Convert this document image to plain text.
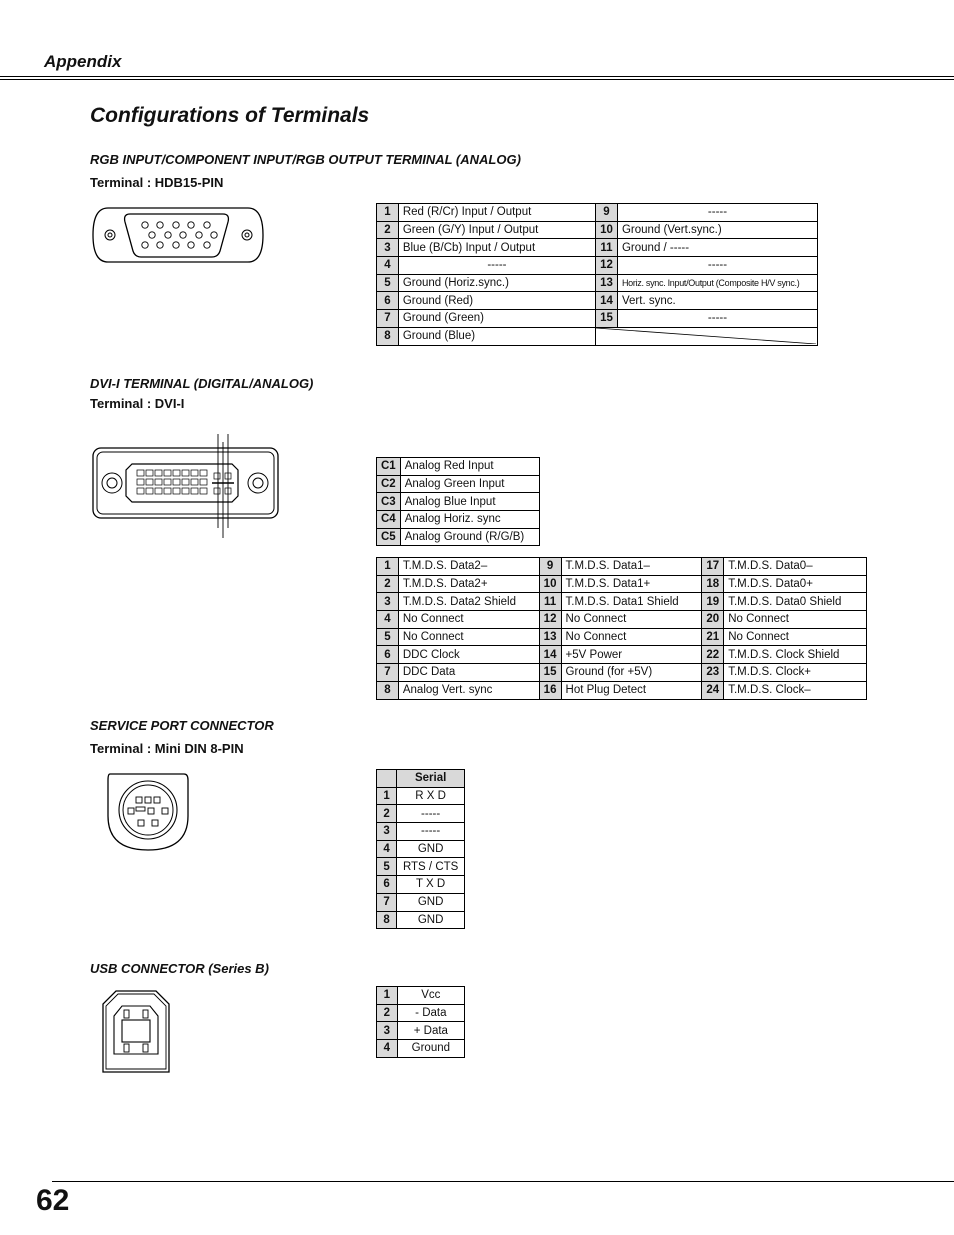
Appendix
Configurations of Terminals
RGB INPUT/COMPONENT INPUT/RGB OUTPUT TERMINAL (ANALOG)
Terminal : HDB15-PIN
1	Red (R/Cr) Input / Output	9	-----
2	Green (G/Y) Input / Output	10	Ground (Vert.sync.)
3	Blue (B/Cb) Input / Output	11	Ground / -----
4	-----	12	-----
5	Ground (Horiz.sync.)	13	Horiz. sync. Input/Output (Composite H/V sync.)
6	Ground (Red)	14	Vert. sync.
7	Ground (Green)	15	-----
8	Ground (Blue)	
DVI-I TERMINAL (DIGITAL/ANALOG)
Terminal : DVI-I
C1	Analog Red Input
C2	Analog Green Input
C3	Analog Blue Input
C4	Analog Horiz. sync
C5	Analog Ground (R/G/B)
1	T.M.D.S. Data2–	9	T.M.D.S. Data1–	17	T.M.D.S. Data0–
2	T.M.D.S. Data2+	10	T.M.D.S. Data1+	18	T.M.D.S. Data0+
3	T.M.D.S. Data2 Shield	11	T.M.D.S. Data1 Shield	19	T.M.D.S. Data0 Shield
4	No Connect	12	No Connect	20	No Connect
5	No Connect	13	No Connect	21	No Connect
6	DDC Clock	14	+5V Power	22	T.M.D.S. Clock Shield
7	DDC Data	15	Ground (for +5V)	23	T.M.D.S. Clock+
8	Analog Vert. sync	16	Hot Plug Detect	24	T.M.D.S. Clock–
SERVICE PORT CONNECTOR
Terminal : Mini DIN 8-PIN
	Serial
1	R X D
2	-----
3	-----
4	GND
5	RTS / CTS
6	T X D
7	GND
8	GND
USB CONNECTOR (Series B)
1	Vcc
2	- Data
3	+ Data
4	Ground
62
